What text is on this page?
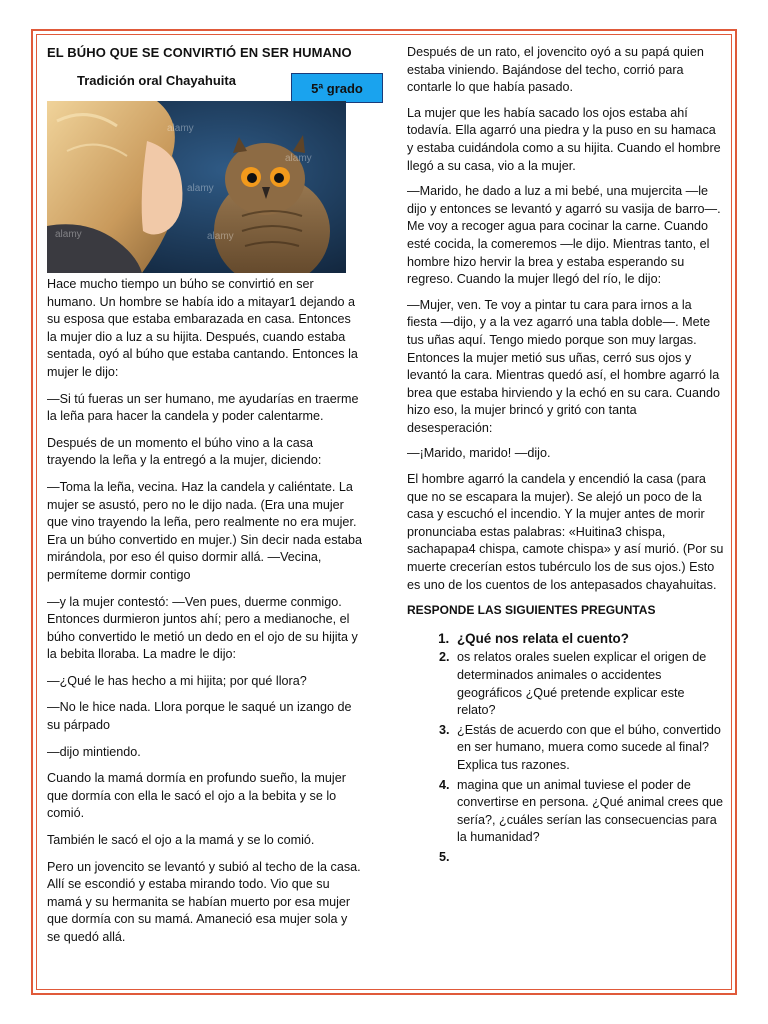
EL BÚHO QUE SE CONVIRTIÓ EN SER HUMANO
Tradición oral Chayahuita
5ª grado
alamy
alamy
alamy
alamy	alamy

Hace mucho tiempo un búho se convirtió en ser humano. Un hombre se había ido a mitayar1 dejando a su esposa que estaba embarazada en casa. Entonces la mujer dio a luz a su hijita. Después, cuando estaba sentada, oyó al búho que estaba cantando. Entonces la mujer le dijo:

—Si tú fueras un ser humano, me ayudarías en traerme la leña para hacer la candela y poder calentarme.

Después de un momento el búho vino a la casa trayendo la leña y la entregó a la mujer, diciendo:

—Toma la leña, vecina. Haz la candela y caliéntate. La mujer se asustó, pero no le dijo nada. (Era una mujer que vino trayendo la leña, pero realmente no era mujer. Era un búho convertido en mujer.) Sin decir nada estaba mirándola, por eso él quiso dormir allá. —Vecina, permíteme dormir contigo

—y la mujer contestó: —Ven pues, duerme conmigo. Entonces durmieron juntos ahí; pero a medianoche, el búho convertido le metió un dedo en el ojo de su hijita y la bebita lloraba. La madre le dijo:

—¿Qué le has hecho a mi hijita; por qué llora?

—No le hice nada. Llora porque le saqué un izango de su párpado

—dijo mintiendo.

Cuando la mamá dormía en profundo sueño, la mujer que dormía con ella le sacó el ojo a la bebita y se lo comió.

También le sacó el ojo a la mamá y se lo comió.

Pero un jovencito se levantó y subió al techo de la casa. Allí se escondió y estaba mirando todo. Vio que su mamá y su hermanita se habían muerto por esa mujer que dormía con su mamá. Amaneció esa mujer sola y se quedó allá.

Después de un rato, el jovencito oyó a su papá quien estaba viniendo. Bajándose del techo, corrió para contarle lo que había pasado.

La mujer que les había sacado los ojos estaba ahí todavía. Ella agarró una piedra y la puso en su hamaca y estaba cuidándola como a su hijita. Cuando el hombre llegó a su casa, vio a la mujer.

—Marido, he dado a luz a mi bebé, una mujercita —le dijo y entonces se levantó y agarró su vasija de barro—. Me voy a recoger agua para cocinar la carne. Cuando esté cocida, la comeremos —le dijo. Mientras tanto, el hombre hizo hervir la brea y estaba esperando su regreso. Cuando la mujer llegó del río, le dijo:

—Mujer, ven. Te voy a pintar tu cara para irnos a la fiesta —dijo, y a la vez agarró una tabla doble—. Mete tus uñas aquí. Tengo miedo porque son muy largas. Entonces la mujer metió sus uñas, cerró sus ojos y levantó la cara. Mientras quedó así, el hombre agarró la brea que estaba hirviendo y la echó en su cara. Cuando hizo eso, la mujer brincó y gritó con tanta desesperación:

—¡Marido, marido! —dijo.

El hombre agarró la candela y encendió la casa (para que no se escapara la mujer). Se alejó un poco de la casa y escuchó el incendio. Y la mujer antes de morir pronunciaba estas palabras: «Huitina3 chispa, sachapapa4 chispa, camote chispa» y así murió. (Por su muerte crecerían estos tubérculo los de sus ojos.) Esto es uno de los cuentos de los antepasados chayahuitas.

RESPONDE LAS SIGUIENTES PREGUNTAS
1. ¿Qué nos relata el cuento?
2. os relatos orales suelen explicar el origen de determinados animales o accidentes geográficos ¿Qué pretende explicar este relato?
3. ¿Estás de acuerdo con que el búho, convertido en ser humano, muera como sucede al final? Explica tus razones.
4. magina que un animal tuviese el poder de convertirse en persona. ¿Qué animal crees que sería?, ¿cuáles serían las consecuencias para la humanidad?
5.
